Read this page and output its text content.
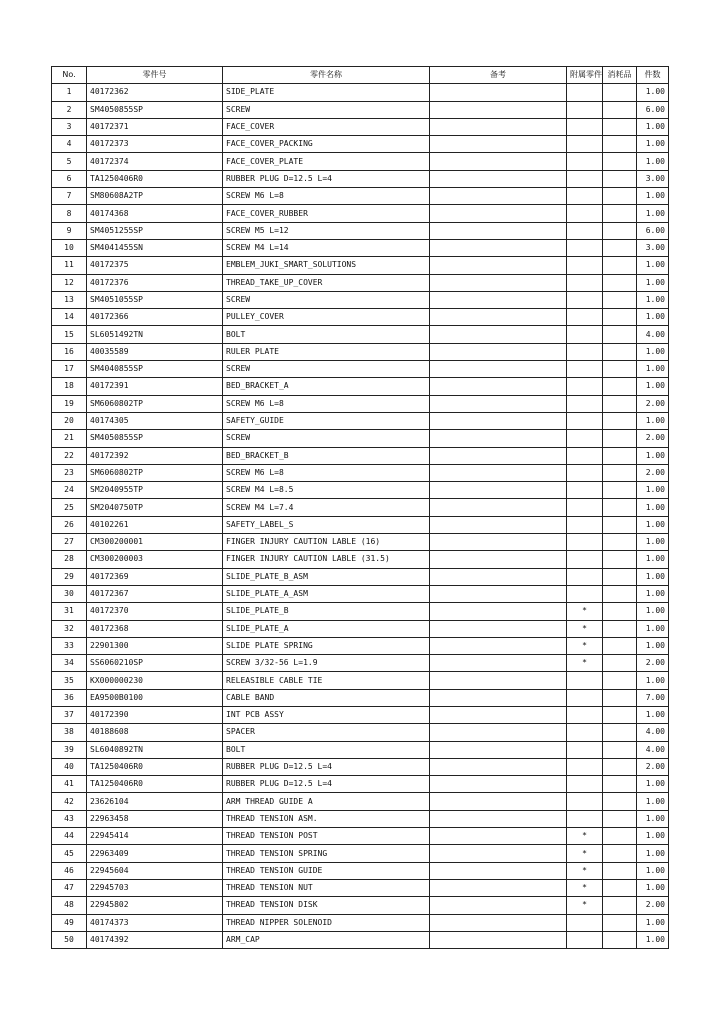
No.	零件号	零件名称	备考	附属零件	消耗品	件数
1	40172362	SIDE_PLATE				1.00
2	SM4050855SP	SCREW				6.00
3	40172371	FACE_COVER				1.00
4	40172373	FACE_COVER_PACKING				1.00
5	40172374	FACE_COVER_PLATE				1.00
6	TA1250406R0	RUBBER PLUG D=12.5 L=4				3.00
7	SM80608A2TP	SCREW M6 L=8				1.00
8	40174368	FACE_COVER_RUBBER				1.00
9	SM4051255SP	SCREW M5 L=12				6.00
10	SM4041455SN	SCREW M4 L=14				3.00
11	40172375	EMBLEM_JUKI_SMART_SOLUTIONS				1.00
12	40172376	THREAD_TAKE_UP_COVER				1.00
13	SM4051055SP	SCREW				1.00
14	40172366	PULLEY_COVER				1.00
15	SL6051492TN	BOLT				4.00
16	40035589	RULER PLATE				1.00
17	SM4040855SP	SCREW				1.00
18	40172391	BED_BRACKET_A				1.00
19	SM6060802TP	SCREW M6 L=8				2.00
20	40174305	SAFETY_GUIDE				1.00
21	SM4050855SP	SCREW				2.00
22	40172392	BED_BRACKET_B				1.00
23	SM6060802TP	SCREW M6 L=8				2.00
24	SM2040955TP	SCREW M4 L=8.5				1.00
25	SM2040750TP	SCREW M4 L=7.4				1.00
26	40102261	SAFETY_LABEL_S				1.00
27	CM300200001	FINGER INJURY CAUTION LABLE (16)				1.00
28	CM300200003	FINGER INJURY CAUTION LABLE (31.5)				1.00
29	40172369	SLIDE_PLATE_B_ASM				1.00
30	40172367	SLIDE_PLATE_A_ASM				1.00
31	40172370	SLIDE_PLATE_B		*		1.00
32	40172368	SLIDE_PLATE_A		*		1.00
33	22901300	SLIDE PLATE SPRING		*		1.00
34	SS6060210SP	SCREW 3/32-56 L=1.9		*		2.00
35	KX000000230	RELEASIBLE CABLE TIE				1.00
36	EA9500B0100	CABLE BAND				7.00
37	40172390	INT PCB ASSY				1.00
38	40188608	SPACER				4.00
39	SL6040892TN	BOLT				4.00
40	TA1250406R0	RUBBER PLUG D=12.5 L=4				2.00
41	TA1250406R0	RUBBER PLUG D=12.5 L=4				1.00
42	23626104	ARM THREAD GUIDE A				1.00
43	22963458	THREAD TENSION ASM.				1.00
44	22945414	THREAD TENSION POST		*		1.00
45	22963409	THREAD TENSION SPRING		*		1.00
46	22945604	THREAD TENSION GUIDE		*		1.00
47	22945703	THREAD TENSION NUT		*		1.00
48	22945802	THREAD TENSION DISK		*		2.00
49	40174373	THREAD NIPPER SOLENOID				1.00
50	40174392	ARM_CAP				1.00
